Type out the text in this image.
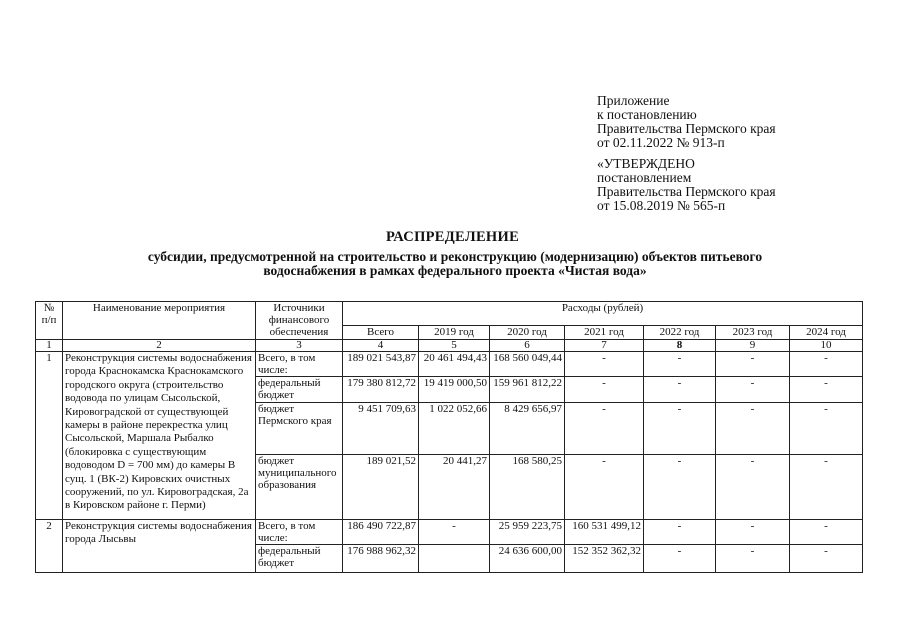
Приложение
к постановлению
Правительства Пермского края
от 02.11.2022 № 913-п
«УТВЕРЖДЕНО
постановлением
Правительства Пермского края
от 15.08.2019 № 565-п
РАСПРЕДЕЛЕНИЕ
субсидии, предусмотренной на строительство и реконструкцию (модернизацию) объектов питьевого водоснабжения в рамках федерального проекта «Чистая вода»
№ п/п	Наименование мероприятия	Источники финансового обеспечения	Расходы (рублей)						
			Всего	2019 год	2020 год	2021 год	2022 год	2023 год	2024 год
1	2	3	4	5	6	7	8	9	10
1	Реконструкция системы водоснабжения города Краснокамска Краснокамского городского округа (строительство водовода по улицам Сысольской, Кировоградской от существующей камеры в районе перекрестка улиц Сысольской, Маршала Рыбалко (блокировка с существующим водоводом D = 700 мм) до камеры В сущ. 1 (ВК-2) Кировских очистных сооружений, по ул. Кировоградская, 2а в Кировском районе г. Перми)	Всего, в том числе:	189 021 543,87	20 461 494,43	168 560 049,44	-	-	-	-
		федеральный бюджет	179 380 812,72	19 419 000,50	159 961 812,22	-	-	-	-
		бюджет Пермского края	9 451 709,63	1 022 052,66	8 429 656,97	-	-	-	-
		бюджет муниципального образования	189 021,52	20 441,27	168 580,25	-	-	-	-
2	Реконструкция системы водоснабжения города Лысьвы	Всего, в том числе:	186 490 722,87	-	25 959 223,75	160 531 499,12	-	-	-
		федеральный бюджет	176 988 962,32		24 636 600,00	152 352 362,32	-	-	-
